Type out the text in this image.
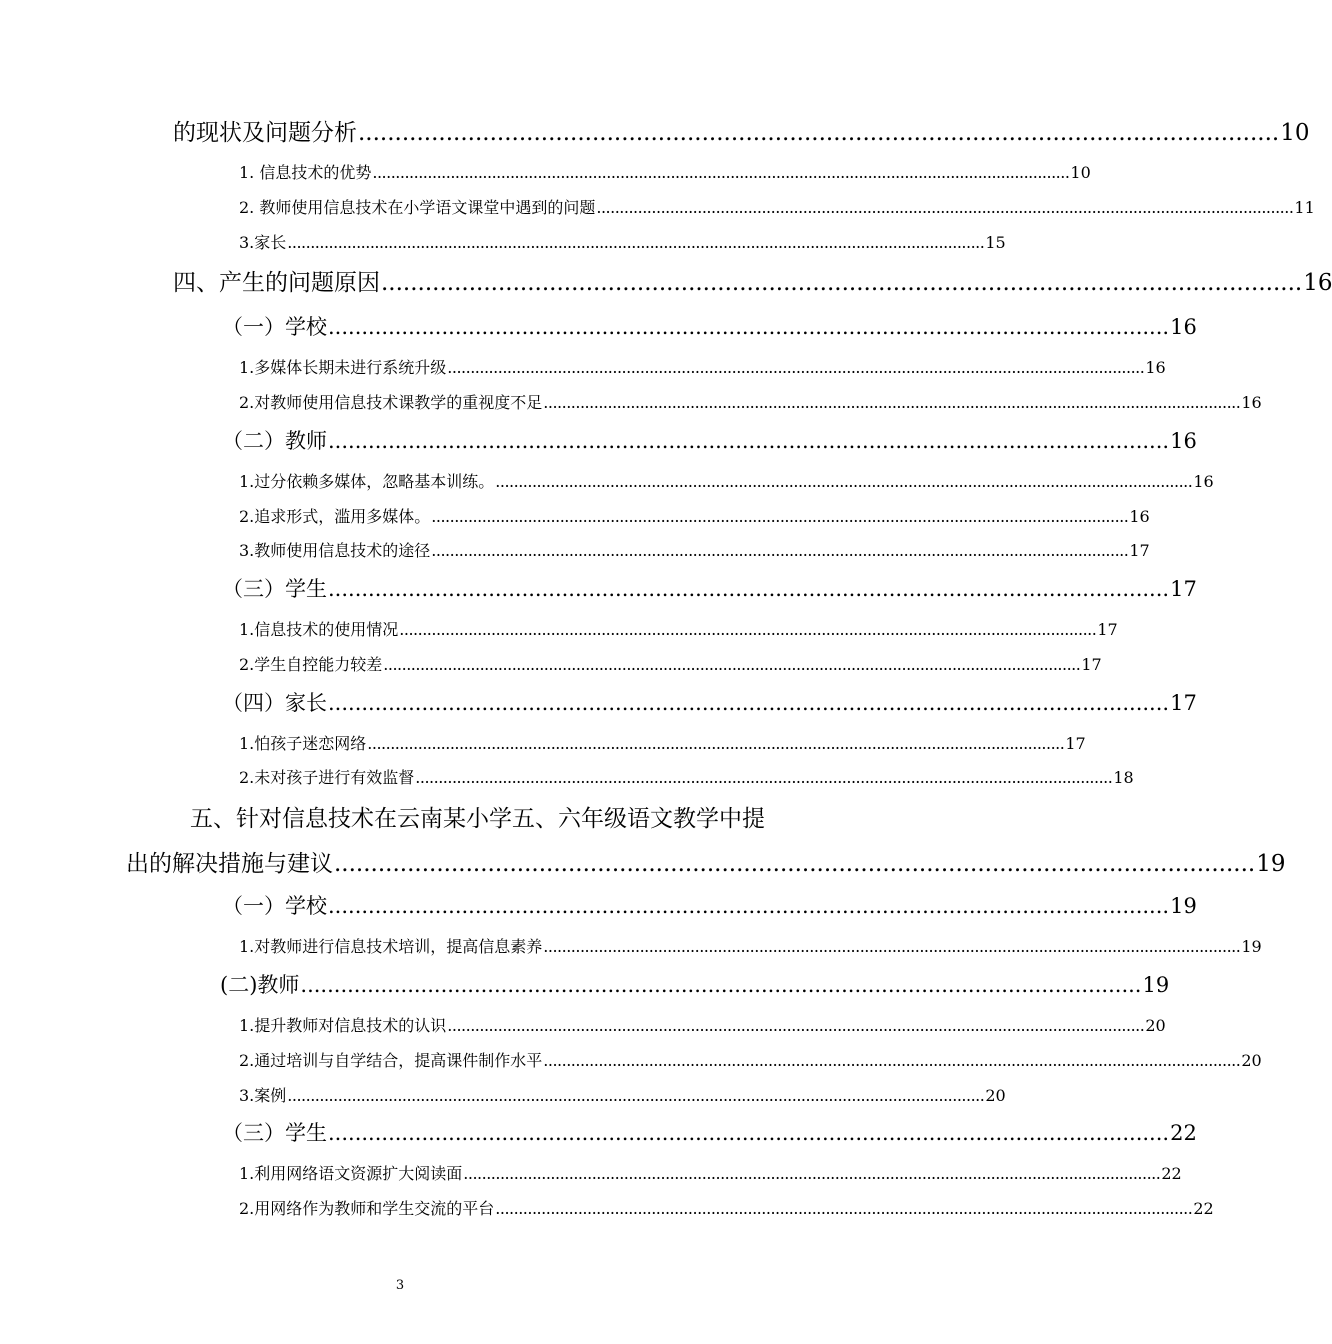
的现状及问题分析 .............................................................................................................................. 10
1. 信息技术的优势 ........................................................................................................................................................ 10
2. 教师使用信息技术在小学语文课堂中遇到的问题 ........................................................................................................................................................ 11
3.家长 ........................................................................................................................................................ 15
四、产生的问题原因 .............................................................................................................................. 16
（一）学校 .............................................................................................................................. 16
1.多媒体长期未进行系统升级 ........................................................................................................................................................ 16
2.对教师使用信息技术课教学的重视度不足 ........................................................................................................................................................ 16
（二）教师 .............................................................................................................................. 16
1.过分依赖多媒体，忽略基本训练。 ........................................................................................................................................................ 16
2.追求形式，滥用多媒体。 ........................................................................................................................................................ 16
3.教师使用信息技术的途径 ........................................................................................................................................................ 17
（三）学生 .............................................................................................................................. 17
1.信息技术的使用情况 ........................................................................................................................................................ 17
2.学生自控能力较差 ........................................................................................................................................................ 17
（四）家长 .............................................................................................................................. 17
1.怕孩子迷恋网络 ........................................................................................................................................................ 17
2.未对孩子进行有效监督 ........................................................................................................................................................ 18
五、针对信息技术在云南某小学五、六年级语文教学中提
出的解决措施与建议 .............................................................................................................................. 19
（一）学校 .............................................................................................................................. 19
1.对教师进行信息技术培训，提高信息素养 ........................................................................................................................................................ 19
(二)教师 .............................................................................................................................. 19
1.提升教师对信息技术的认识 ........................................................................................................................................................ 20
2.通过培训与自学结合，提高课件制作水平 ........................................................................................................................................................ 20
3.案例 ........................................................................................................................................................ 20
（三）学生 .............................................................................................................................. 22
1.利用网络语文资源扩大阅读面 ........................................................................................................................................................ 22
2.用网络作为教师和学生交流的平台 ........................................................................................................................................................ 22
3
